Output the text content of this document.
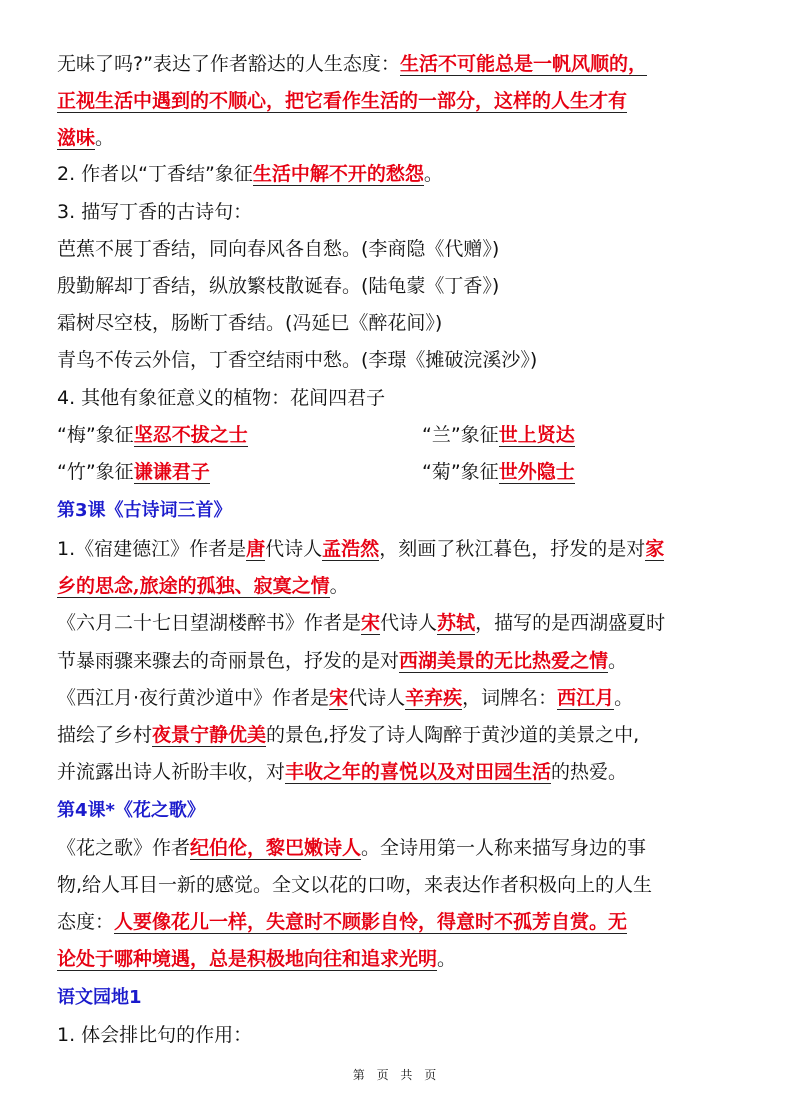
无味了吗?”表达了作者豁达的人生态度：生活不可能总是一帆风顺的，
正视生活中遇到的不顺心，把它看作生活的一部分，这样的人生才有
滋味。
2. 作者以“丁香结”象征生活中解不开的愁怨。
3. 描写丁香的古诗句：
芭蕉不展丁香结，同向春风各自愁。(李商隐《代赠》)
殷勤解却丁香结，纵放繁枝散诞春。(陆龟蒙《丁香》)
霜树尽空枝，肠断丁香结。(冯延巳《醉花间》)
青鸟不传云外信，丁香空结雨中愁。(李璟《摊破浣溪沙》)
4. 其他有象征意义的植物：花间四君子
“梅”象征坚忍不拔之士	“兰”象征世上贤达
“竹”象征谦谦君子	“菊”象征世外隐士
第3课《古诗词三首》
1.《宿建德江》作者是唐代诗人孟浩然，刻画了秋江暮色，抒发的是对家
乡的思念,旅途的孤独、寂寞之情。
《六月二十七日望湖楼醉书》作者是宋代诗人苏轼，描写的是西湖盛夏时
节暴雨骤来骤去的奇丽景色，抒发的是对西湖美景的无比热爱之情。
《西江月·夜行黄沙道中》作者是宋代诗人辛弃疾，词牌名：西江月。
描绘了乡村夜景宁静优美的景色,抒发了诗人陶醉于黄沙道的美景之中,
并流露出诗人祈盼丰收，对丰收之年的喜悦以及对田园生活的热爱。
第4课*《花之歌》
《花之歌》作者纪伯伦，黎巴嫩诗人。全诗用第一人称来描写身边的事
物,给人耳目一新的感觉。全文以花的口吻，来表达作者积极向上的人生
态度：人要像花儿一样，失意时不顾影自怜，得意时不孤芳自赏。无
论处于哪种境遇，总是积极地向往和追求光明。
语文园地1
1. 体会排比句的作用：
第 页 共 页
